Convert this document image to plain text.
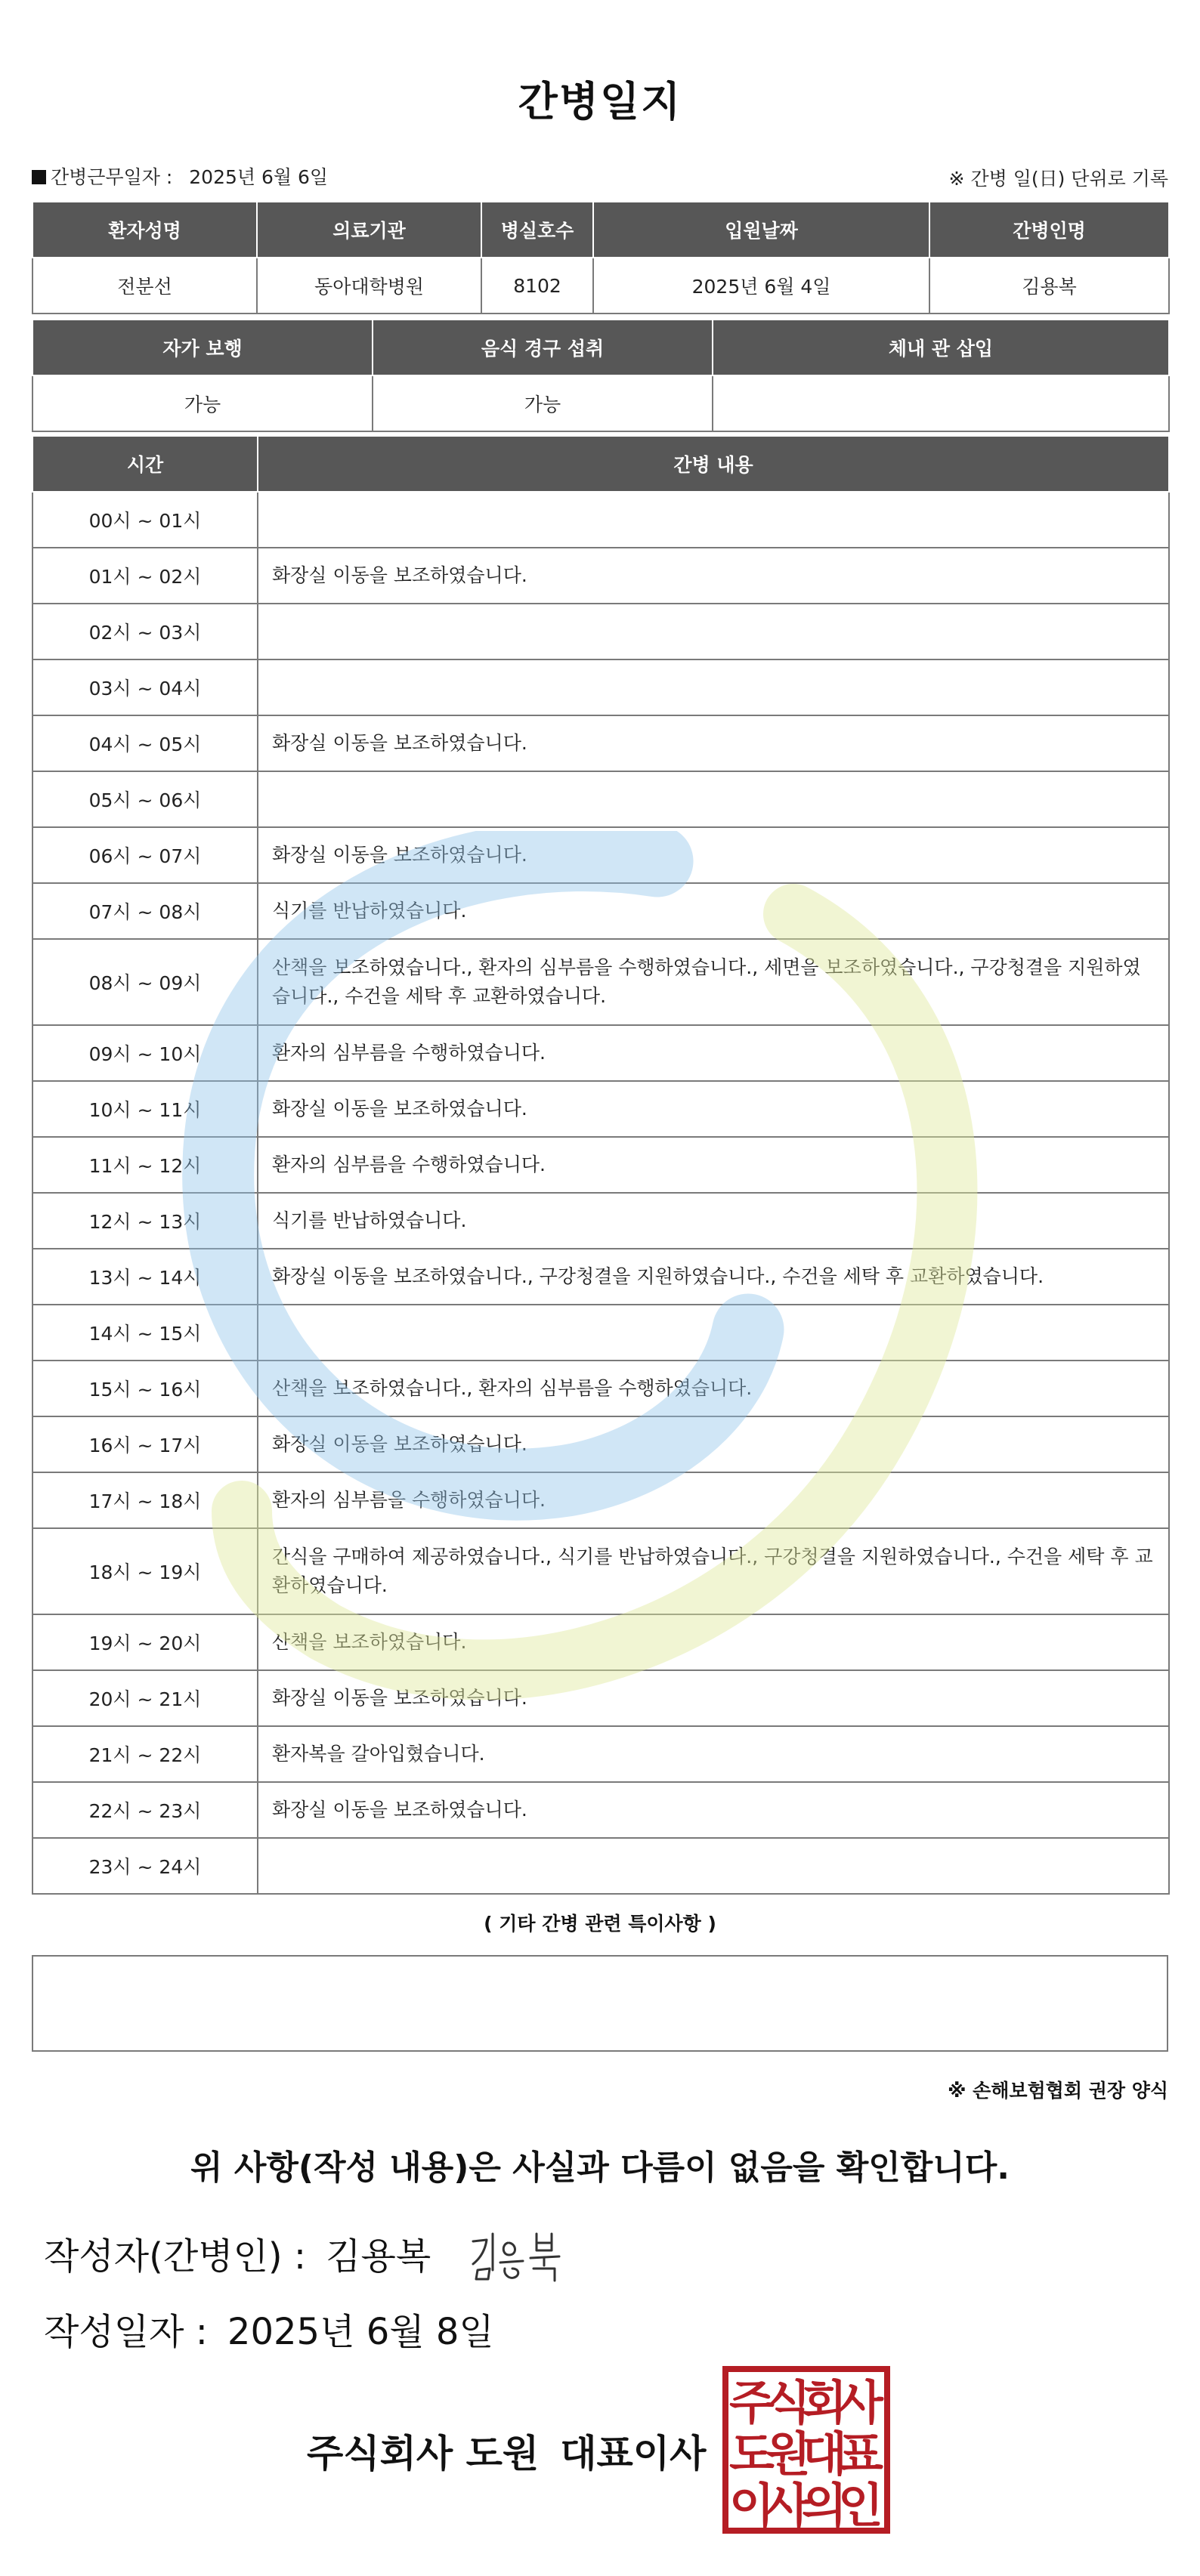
간병일지
간병근무일자 : 2025년 6월 6일	※ 간병 일(日) 단위로 기록
환자성명	의료기관	병실호수	입원날짜	간병인명
전분선	동아대학병원	8102	2025년 6월 4일	김용복
자가 보행	음식 경구 섭취	체내 관 삽입
가능	가능	
시간	간병 내용
00시 ~ 01시	
01시 ~ 02시	화장실 이동을 보조하였습니다.
02시 ~ 03시	
03시 ~ 04시	
04시 ~ 05시	화장실 이동을 보조하였습니다.
05시 ~ 06시	
06시 ~ 07시	화장실 이동을 보조하였습니다.
07시 ~ 08시	식기를 반납하였습니다.
08시 ~ 09시	산책을 보조하였습니다., 환자의 심부름을 수행하였습니다., 세면을 보조하였습니다., 구강청결을 지원하였습니다., 수건을 세탁 후 교환하였습니다.
09시 ~ 10시	환자의 심부름을 수행하였습니다.
10시 ~ 11시	화장실 이동을 보조하였습니다.
11시 ~ 12시	환자의 심부름을 수행하였습니다.
12시 ~ 13시	식기를 반납하였습니다.
13시 ~ 14시	화장실 이동을 보조하였습니다., 구강청결을 지원하였습니다., 수건을 세탁 후 교환하였습니다.
14시 ~ 15시	
15시 ~ 16시	산책을 보조하였습니다., 환자의 심부름을 수행하였습니다.
16시 ~ 17시	화장실 이동을 보조하였습니다.
17시 ~ 18시	환자의 심부름을 수행하였습니다.
18시 ~ 19시	간식을 구매하여 제공하였습니다., 식기를 반납하였습니다., 구강청결을 지원하였습니다., 수건을 세탁 후 교환하였습니다.
19시 ~ 20시	산책을 보조하였습니다.
20시 ~ 21시	화장실 이동을 보조하였습니다.
21시 ~ 22시	환자복을 갈아입혔습니다.
22시 ~ 23시	화장실 이동을 보조하였습니다.
23시 ~ 24시	
( 기타 간병 관련 특이사항 )
※ 손해보험협회 권장 양식
위 사항(작성 내용)은 사실과 다름이 없음을 확인합니다.
작성자(간병인) : 김용복
작성일자 : 2025년 6월 8일
주식회사 도원 대표이사
주
식
회
사
도
원
대
표
이
사
의
인
